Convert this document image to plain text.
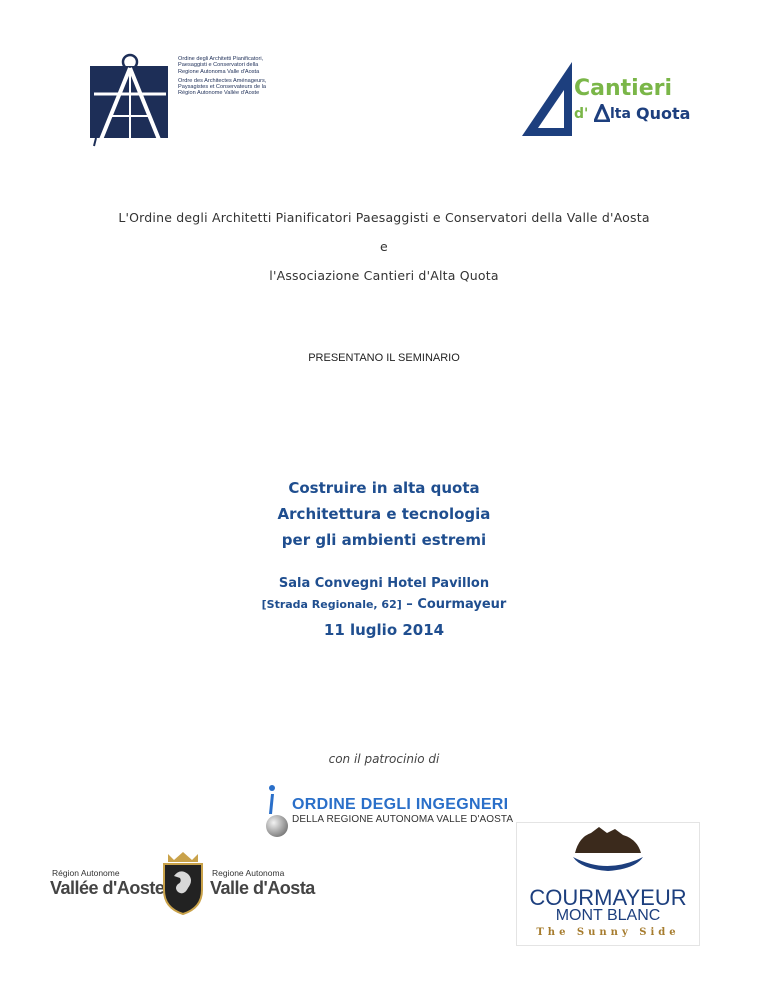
Ordine degli Architetti Pianificatori, Paesaggisti e Conservatori della Regione Autonoma Valle d'Aosta
Ordre des Architectes Aménageurs, Paysagistes et Conservateurs de la Région Autonome Vallée d'Aoste	Cantieri
d' lta Quota
L'Ordine degli Architetti Pianificatori Paesaggisti e Conservatori della Valle d'Aosta
e
l'Associazione Cantieri d'Alta Quota
PRESENTANO IL SEMINARIO
Costruire in alta quota
Architettura e tecnologia
per gli ambienti estremi
Sala Convegni Hotel Pavillon
[Strada Regionale, 62] – Courmayeur
11 luglio 2014
con il patrocinio di
ORDINE DEGLI INGEGNERI
DELLA REGIONE AUTONOMA VALLE D'AOSTA
Région Autonome
Vallée d'Aoste
Regione Autonoma
Valle d'Aosta	COURMAYEUR
MONT BLANC
The Sunny Side
